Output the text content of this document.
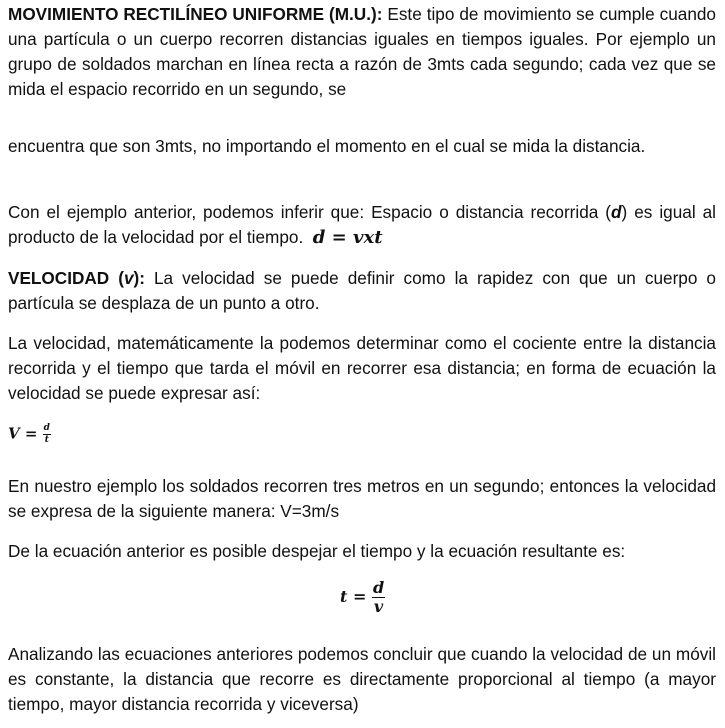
MOVIMIENTO RECTILÍNEO UNIFORME (M.U.): Este tipo de movimiento se cumple cuando una partícula o un cuerpo recorren distancias iguales en tiempos iguales. Por ejemplo un grupo de soldados marchan en línea recta a razón de 3mts cada segundo; cada vez que se mida el espacio recorrido en un segundo, se

encuentra que son 3mts, no importando el momento en el cual se mida la distancia.

Con el ejemplo anterior, podemos inferir que: Espacio o distancia recorrida (d) es igual al producto de la velocidad por el tiempo. d = vxt

VELOCIDAD (v): La velocidad se puede definir como la rapidez con que un cuerpo o partícula se desplaza de un punto a otro.

La velocidad, matemáticamente la podemos determinar como el cociente entre la distancia recorrida y el tiempo que tarda el móvil en recorrer esa distancia; en forma de ecuación la velocidad se puede expresar así:

$V = \frac{d}{t}$

En nuestro ejemplo los soldados recorren tres metros en un segundo; entonces la velocidad se expresa de la siguiente manera: V=3m/s

De la ecuación anterior es posible despejar el tiempo y la ecuación resultante es:

$t = \frac{d}{v}$

Analizando las ecuaciones anteriores podemos concluir que cuando la velocidad de un móvil es constante, la distancia que recorre es directamente proporcional al tiempo (a mayor tiempo, mayor distancia recorrida y viceversa)
